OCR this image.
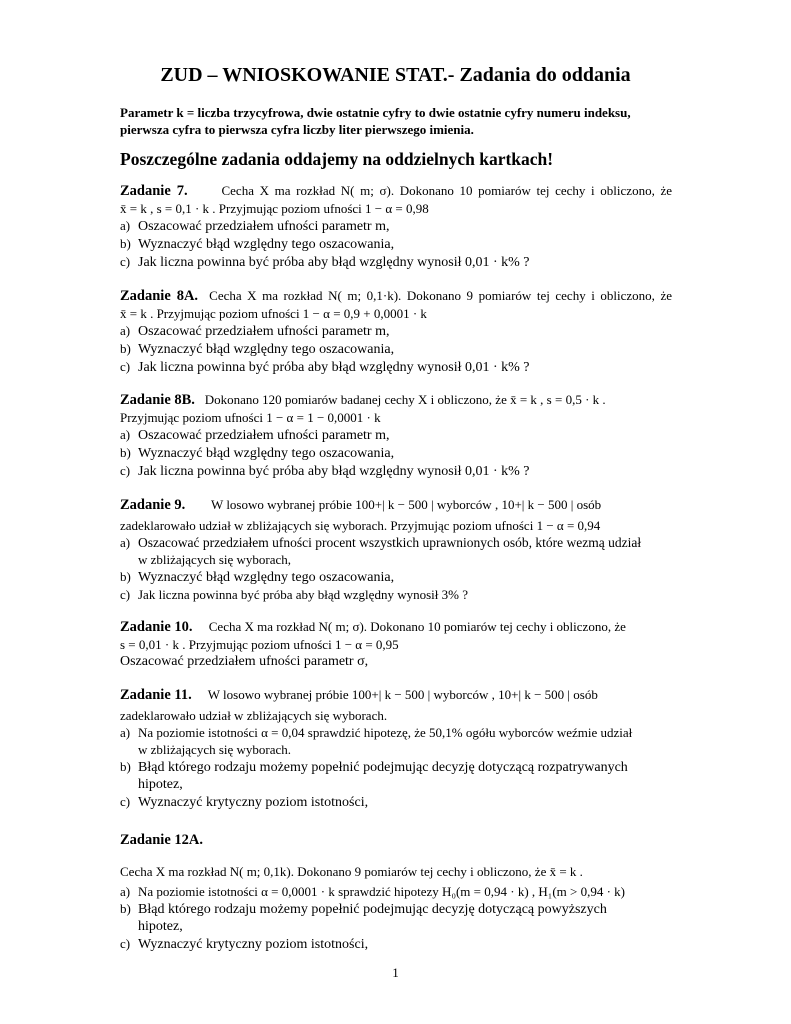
ZUD – WNIOSKOWANIE STAT.- Zadania do oddania
Parametr k = liczba trzycyfrowa, dwie ostatnie cyfry to dwie ostatnie cyfry numeru indeksu,
pierwsza cyfra to pierwsza cyfra liczby liter pierwszego imienia.
Poszczególne zadania oddajemy na oddzielnych kartkach!
Zadanie 7.	Cecha X ma rozkład N( m; σ). Dokonano 10 pomiarów tej cechy i obliczono, że
x̄ = k , s = 0,1 · k . Przyjmując poziom ufności 1 − α = 0,98
a) Oszacować przedziałem ufności parametr m,
b) Wyznaczyć błąd względny tego oszacowania,
c) Jak liczna powinna być próba aby błąd względny wynosił 0,01 · k% ?
Zadanie 8A. Cecha X ma rozkład N( m; 0,1·k). Dokonano 9 pomiarów tej cechy i obliczono, że
x̄ = k . Przyjmując poziom ufności 1 − α = 0,9 + 0,0001 · k
a) Oszacować przedziałem ufności parametr m,
b) Wyznaczyć błąd względny tego oszacowania,
c) Jak liczna powinna być próba aby błąd względny wynosił 0,01 · k% ?
Zadanie 8B. Dokonano 120 pomiarów badanej cechy X i obliczono, że x̄ = k , s = 0,5 · k .
Przyjmując poziom ufności 1 − α = 1 − 0,0001 · k
a) Oszacować przedziałem ufności parametr m,
b) Wyznaczyć błąd względny tego oszacowania,
c) Jak liczna powinna być próba aby błąd względny wynosił 0,01 · k% ?
Zadanie 9. W losowo wybranej próbie 100+| k − 500 | wyborców , 10+| k − 500 | osób
zadeklarowało udział w zbliżających się wyborach. Przyjmując poziom ufności 1 − α = 0,94
a) Oszacować przedziałem ufności procent wszystkich uprawnionych osób, które wezmą udział
w zbliżających się wyborach,
b) Wyznaczyć błąd względny tego oszacowania,
c) Jak liczna powinna być próba aby błąd względny wynosił 3% ?
Zadanie 10. Cecha X ma rozkład N( m; σ). Dokonano 10 pomiarów tej cechy i obliczono, że
s = 0,01 · k . Przyjmując poziom ufności 1 − α = 0,95
Oszacować przedziałem ufności parametr σ,
Zadanie 11. W losowo wybranej próbie 100+| k − 500 | wyborców , 10+| k − 500 | osób
zadeklarowało udział w zbliżających się wyborach.
a) Na poziomie istotności α = 0,04 sprawdzić hipotezę, że 50,1% ogółu wyborców weźmie udział
w zbliżających się wyborach.
b) Błąd którego rodzaju możemy popełnić podejmując decyzję dotyczącą rozpatrywanych
hipotez,
c) Wyznaczyć krytyczny poziom istotności,
Zadanie 12A.
Cecha X ma rozkład N( m; 0,1k). Dokonano 9 pomiarów tej cechy i obliczono, że x̄ = k .
a) Na poziomie istotności α = 0,0001 · k sprawdzić hipotezy H₀(m = 0,94 · k) , H₁(m > 0,94 · k)
b) Błąd którego rodzaju możemy popełnić podejmując decyzję dotyczącą powyższych
hipotez,
c) Wyznaczyć krytyczny poziom istotności,
1
